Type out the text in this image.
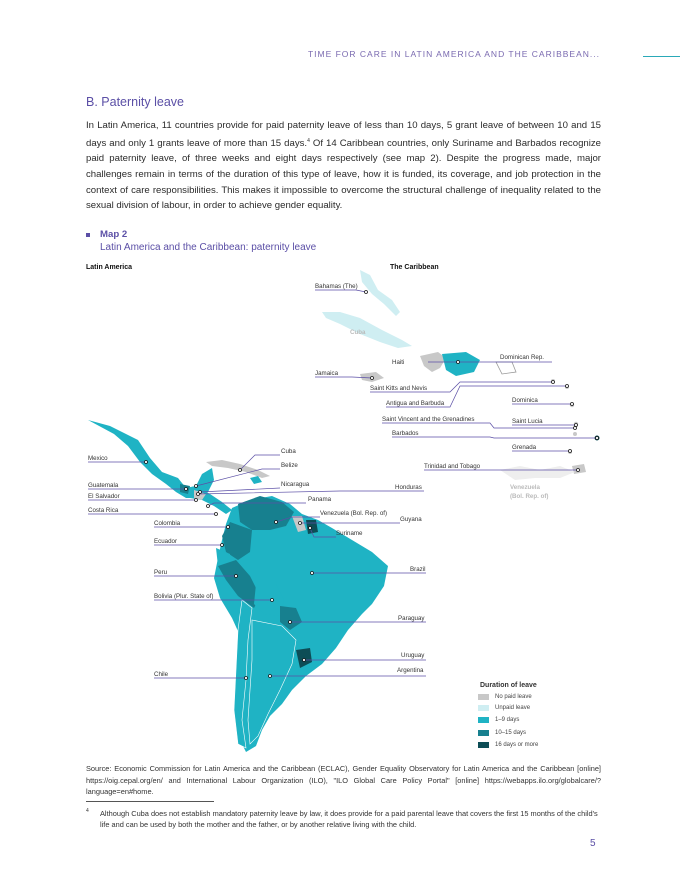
TIME FOR CARE IN LATIN AMERICA AND THE CARIBBEAN...
B. Paternity leave
In Latin America, 11 countries provide for paid paternity leave of less than 10 days, 5 grant leave of between 10 and 15 days and only 1 grants leave of more than 15 days.$^4$ Of 14 Caribbean countries, only Suriname and Barbados recognize paid paternity leave, of three weeks and eight days respectively (see map 2). Despite the progress made, major challenges remain in terms of the duration of this type of leave, how it is funded, its coverage, and job protection in the context of care responsibilities. This makes it impossible to overcome the structural challenge of inequality related to the sexual division of labour, in order to achieve gender equality.
Map 2
Latin America and the Caribbean: paternity leave
Latin America	The Caribbean
Bahamas (The)
Cuba
Haiti
Dominican Rep.
Jamaica
Saint Kitts and Nevis
Antigua and Barbuda	Dominica
Saint Vincent and the Grenadines	Saint Lucia
Barbados
Grenada
Trinidad and Tobago
Venezuela
(Bol. Rep. of)
Mexico
Cuba
Belize
Guatemala	Nicaragua	Honduras
El Salvador	Panama
Costa Rica	Venezuela (Bol. Rep. of)
Guyana
Colombia
Suriname
Ecuador
Peru	Brazil
Bolivia (Plur. State of)
Paraguay
Uruguay
Chile
Argentina
Duration of leave
No paid leave
Unpaid leave
1–9 days
10–15 days
16 days or more
Source: Economic Commission for Latin America and the Caribbean (ECLAC), Gender Equality Observatory for Latin America and the Caribbean [online] https://oig.cepal.org/en/ and International Labour Organization (ILO), "ILO Global Care Policy Portal" [online] https://webapps.ilo.org/globalcare/?language=en#home.
4	Although Cuba does not establish mandatory paternity leave by law, it does provide for a paid parental leave that covers the first 15 months of the child's life and can be used by both the mother and the father, or by another relative living with the child.
5
